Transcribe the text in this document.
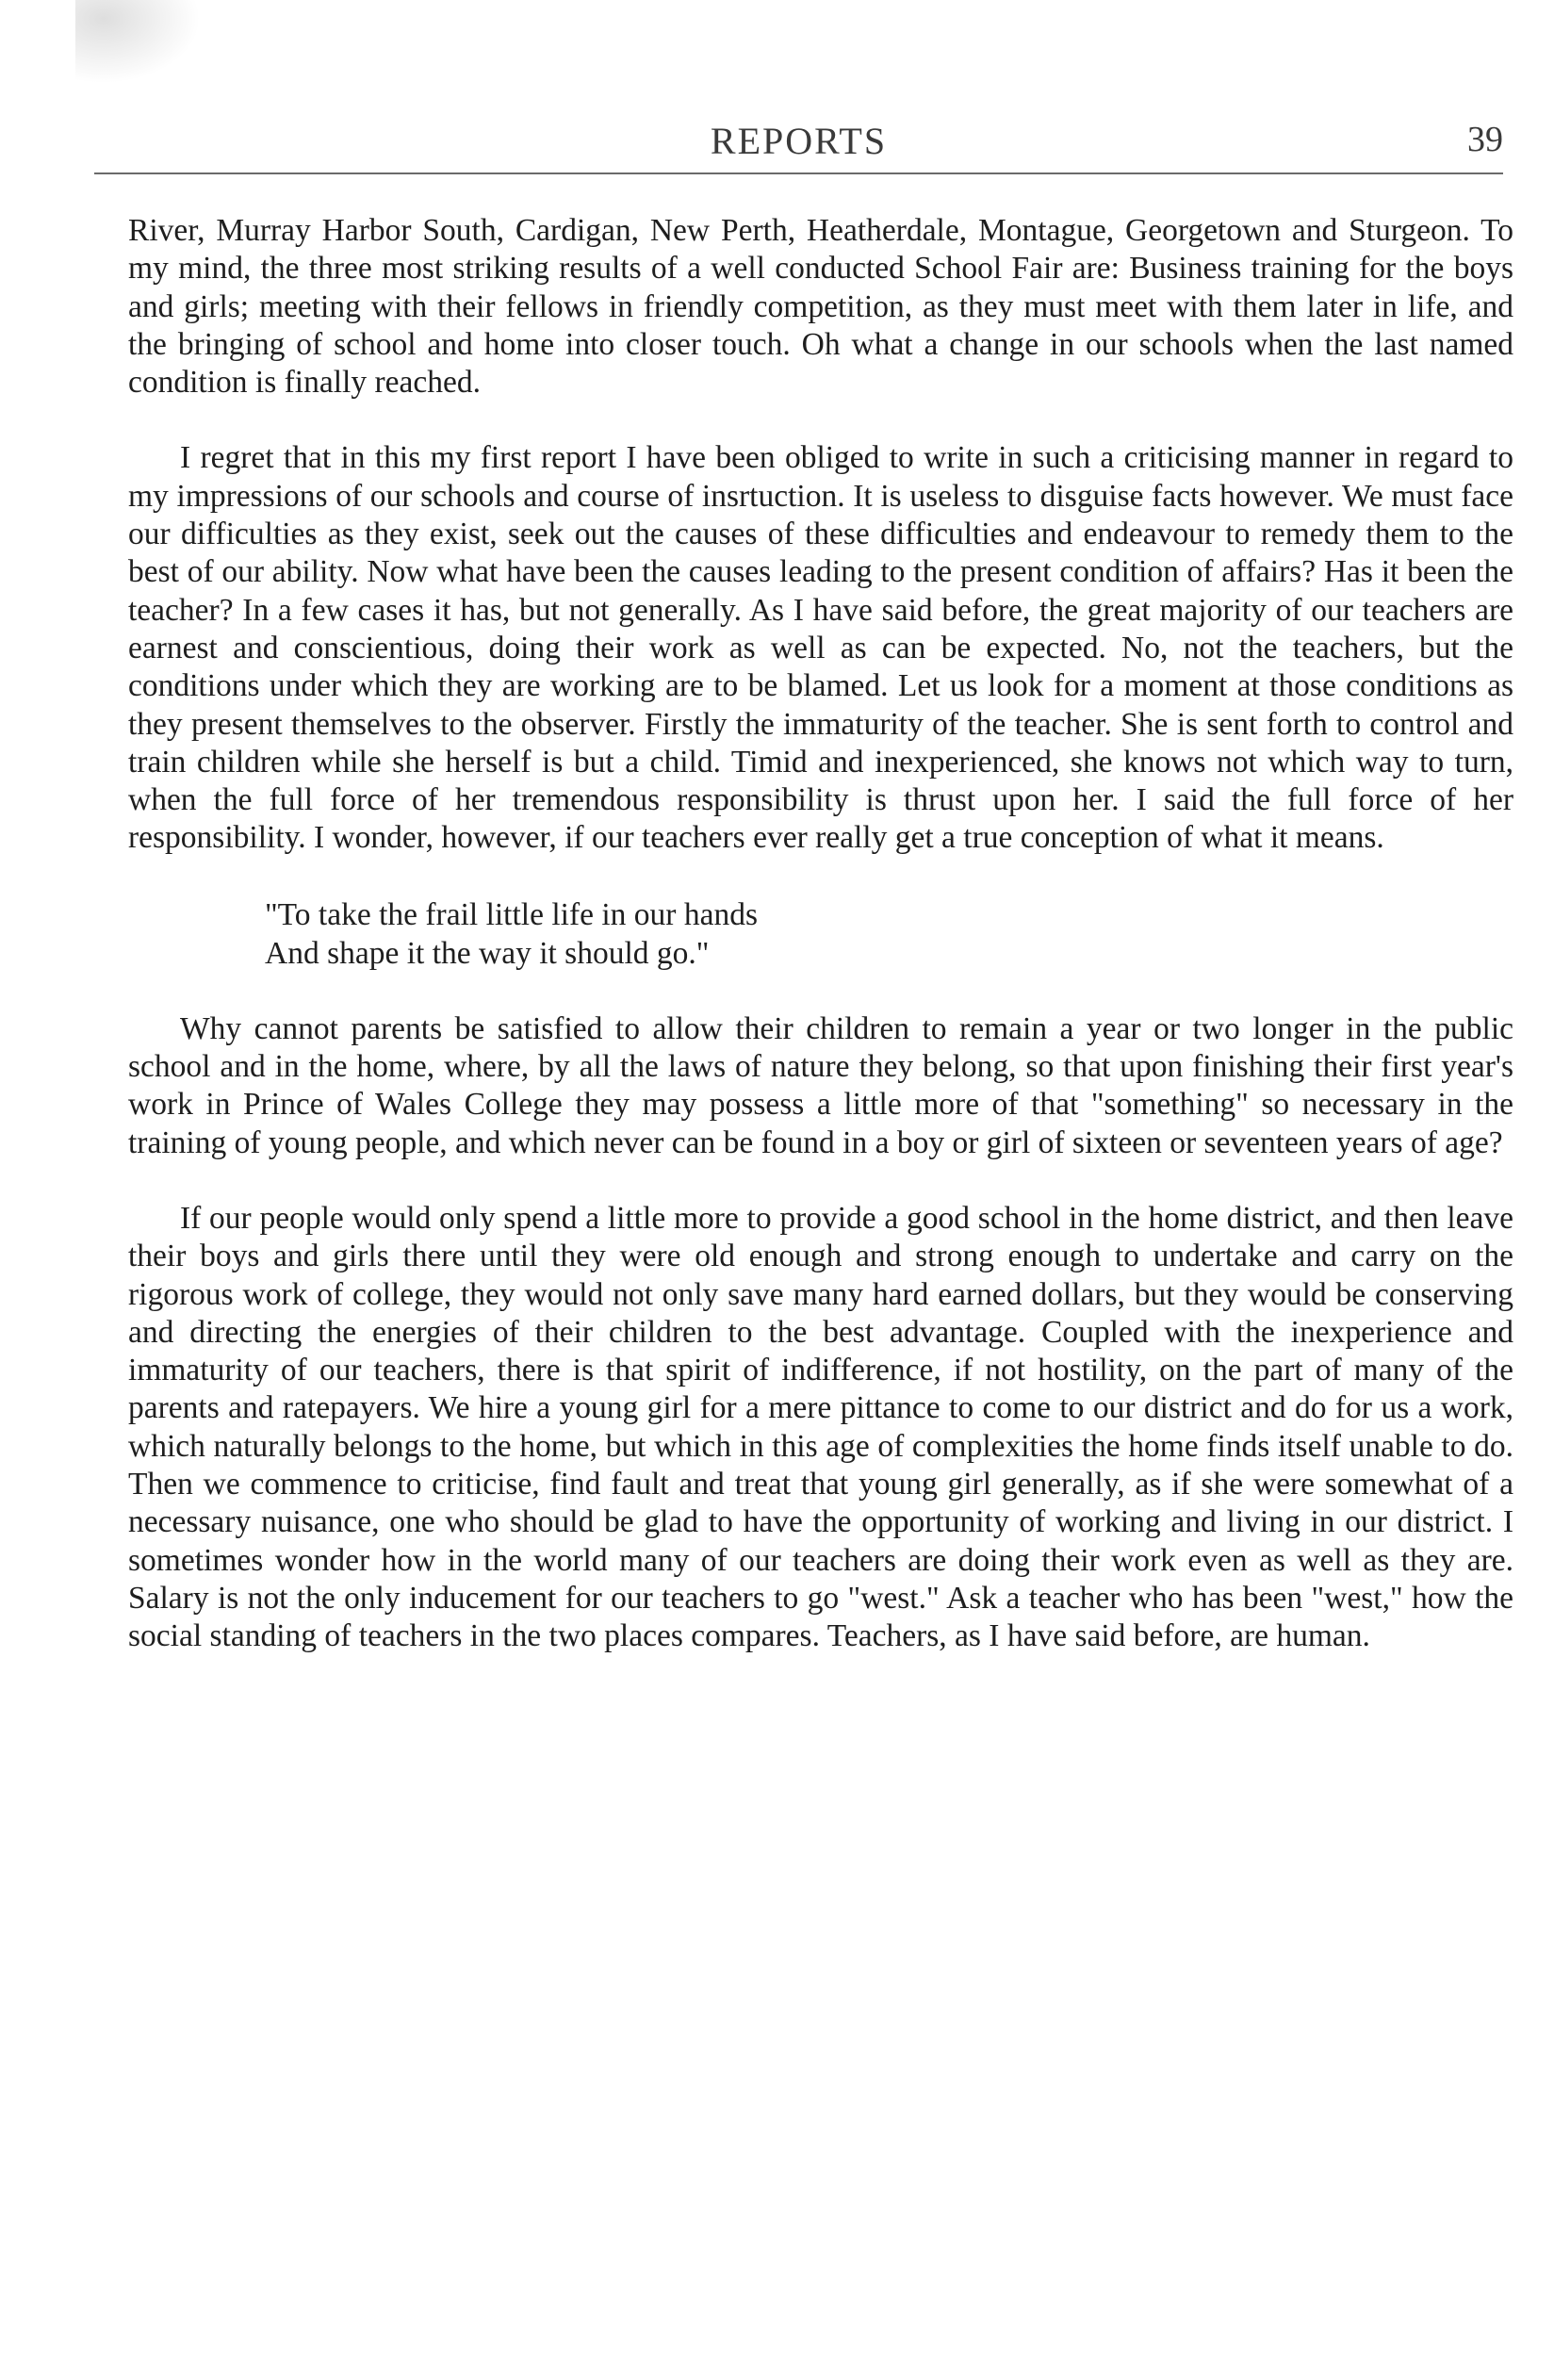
REPORTS	39

River, Murray Harbor South, Cardigan, New Perth, Heatherdale, Montague, Georgetown and Sturgeon. To my mind, the three most striking results of a well conducted School Fair are: Business training for the boys and girls; meeting with their fellows in friendly competition, as they must meet with them later in life, and the bringing of school and home into closer touch. Oh what a change in our schools when the last named condition is finally reached.

I regret that in this my first report I have been obliged to write in such a criticising manner in regard to my impressions of our schools and course of insrtuction. It is useless to disguise facts however. We must face our difficulties as they exist, seek out the causes of these difficulties and endeavour to remedy them to the best of our ability. Now what have been the causes leading to the present condition of affairs? Has it been the teacher? In a few cases it has, but not generally. As I have said before, the great majority of our teachers are earnest and conscientious, doing their work as well as can be expected. No, not the teachers, but the conditions under which they are working are to be blamed. Let us look for a moment at those conditions as they present themselves to the observer. Firstly the immaturity of the teacher. She is sent forth to control and train children while she herself is but a child. Timid and inexperienced, she knows not which way to turn, when the full force of her tremendous responsibility is thrust upon her. I said the full force of her responsibility. I wonder, however, if our teachers ever really get a true conception of what it means.

"To take the frail little life in our hands
And shape it the way it should go."

Why cannot parents be satisfied to allow their children to remain a year or two longer in the public school and in the home, where, by all the laws of nature they belong, so that upon finishing their first year's work in Prince of Wales College they may possess a little more of that "something" so necessary in the training of young people, and which never can be found in a boy or girl of sixteen or seventeen years of age?

If our people would only spend a little more to provide a good school in the home district, and then leave their boys and girls there until they were old enough and strong enough to undertake and carry on the rigorous work of college, they would not only save many hard earned dollars, but they would be conserving and directing the energies of their children to the best advantage. Coupled with the inexperience and immaturity of our teachers, there is that spirit of indifference, if not hostility, on the part of many of the parents and ratepayers. We hire a young girl for a mere pittance to come to our district and do for us a work, which naturally belongs to the home, but which in this age of complexities the home finds itself unable to do. Then we commence to criticise, find fault and treat that young girl generally, as if she were somewhat of a necessary nuisance, one who should be glad to have the opportunity of working and living in our district. I sometimes wonder how in the world many of our teachers are doing their work even as well as they are. Salary is not the only inducement for our teachers to go "west." Ask a teacher who has been "west," how the social standing of teachers in the two places compares. Teachers, as I have said before, are human.
